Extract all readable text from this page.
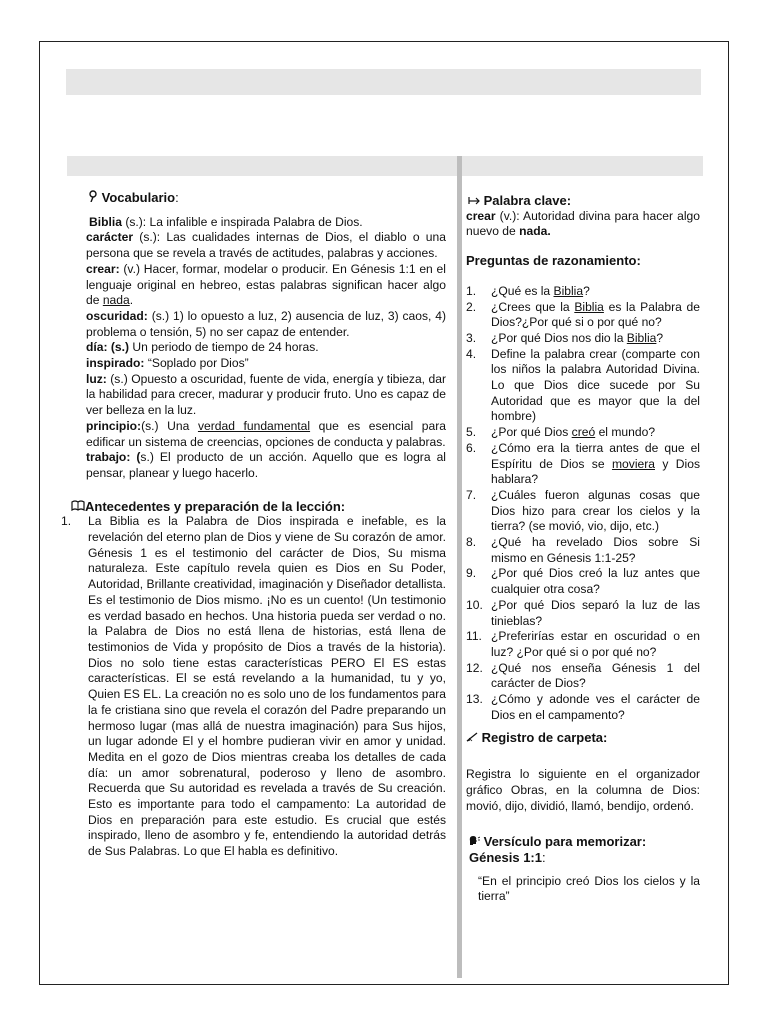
Vocabulario:
Biblia (s.): La infalible e inspirada Palabra de Dios.
carácter (s.): Las cualidades internas de Dios, el diablo o una persona que se revela a través de actitudes, palabras y acciones.
crear: (v.) Hacer, formar, modelar o producir. En Génesis 1:1 en el lenguaje original en hebreo, estas palabras significan hacer algo de nada.
oscuridad: (s.) 1) lo opuesto a luz, 2) ausencia de luz, 3) caos, 4) problema o tensión, 5) no ser capaz de entender.
día: (s.) Un periodo de tiempo de 24 horas.
inspirado: “Soplado por Dios”
luz: (s.) Opuesto a oscuridad, fuente de vida, energía y tibieza, dar la habilidad para crecer, madurar y producir fruto. Uno es capaz de ver belleza en la luz.
principio:(s.) Una verdad fundamental que es esencial para edificar un sistema de creencias, opciones de conducta y palabras.
trabajo: (s.) El producto de un acción. Aquello que es logra al pensar, planear y luego hacerlo.
Antecedentes y preparación de la lección:
1.	La Biblia es la Palabra de Dios inspirada e inefable, es la revelación del eterno plan de Dios y viene de Su corazón de amor. Génesis 1 es el testimonio del carácter de Dios, Su misma naturaleza. Este capítulo revela quien es Dios en Su Poder, Autoridad, Brillante creatividad, imaginación y Diseñador detallista. Es el testimonio de Dios mismo. ¡No es un cuento! (Un testimonio es verdad basado en hechos. Una historia pueda ser verdad o no. la Palabra de Dios no está llena de historias, está llena de testimonios de Vida y propósito de Dios a través de la historia). Dios no solo tiene estas características PERO El ES estas características. El se está revelando a la humanidad, tu y yo, Quien ES EL. La creación no es solo uno de los fundamentos para la fe cristiana sino que revela el corazón del Padre preparando un hermoso lugar (mas allá de nuestra imaginación) para Sus hijos, un lugar adonde El y el hombre pudieran vivir en amor y unidad. Medita en el gozo de Dios mientras creaba los detalles de cada día: un amor sobrenatural, poderoso y lleno de asombro. Recuerda que Su autoridad es revelada a través de Su creación. Esto es importante para todo el campamento: La autoridad de Dios en preparación para este estudio. Es crucial que estés inspirado, lleno de asombro y fe, entendiendo la autoridad detrás de Sus Palabras. Lo que El habla es definitivo.
Palabra clave:
crear (v.): Autoridad divina para hacer algo nuevo de nada.
Preguntas de razonamiento:
1.	¿Qué es la Biblia?
2.	¿Crees que la Biblia es la Palabra de Dios?¿Por qué si o por qué no?
3.	¿Por qué Dios nos dio la Biblia?
4.	Define la palabra crear (comparte con los niños la palabra Autoridad Divina. Lo que Dios dice sucede por Su Autoridad que es mayor que la del hombre)
5.	¿Por qué Dios creó el mundo?
6.	¿Cómo era la tierra antes de que el Espíritu de Dios se moviera y Dios hablara?
7.	¿Cuáles fueron algunas cosas que Dios hizo para crear los cielos y la tierra? (se movió, vio, dijo, etc.)
8.	¿Qué ha revelado Dios sobre Si mismo en Génesis 1:1-25?
9.	¿Por qué Dios creó la luz antes que cualquier otra cosa?
10. ¿Por qué Dios separó la luz de las tinieblas?
11. ¿Preferirías estar en oscuridad o en luz? ¿Por qué si o por qué no?
12. ¿Qué nos enseña Génesis 1 del carácter de Dios?
13. ¿Cómo y adonde ves el carácter de Dios en el campamento?
Registro de carpeta:

Registra lo siguiente en el organizador gráfico Obras, en la columna de Dios: movió, dijo, dividió, llamó, bendijo, ordenó.

Versículo para memorizar:
Génesis 1:1:

“En el principio creó Dios los cielos y la tierra”
